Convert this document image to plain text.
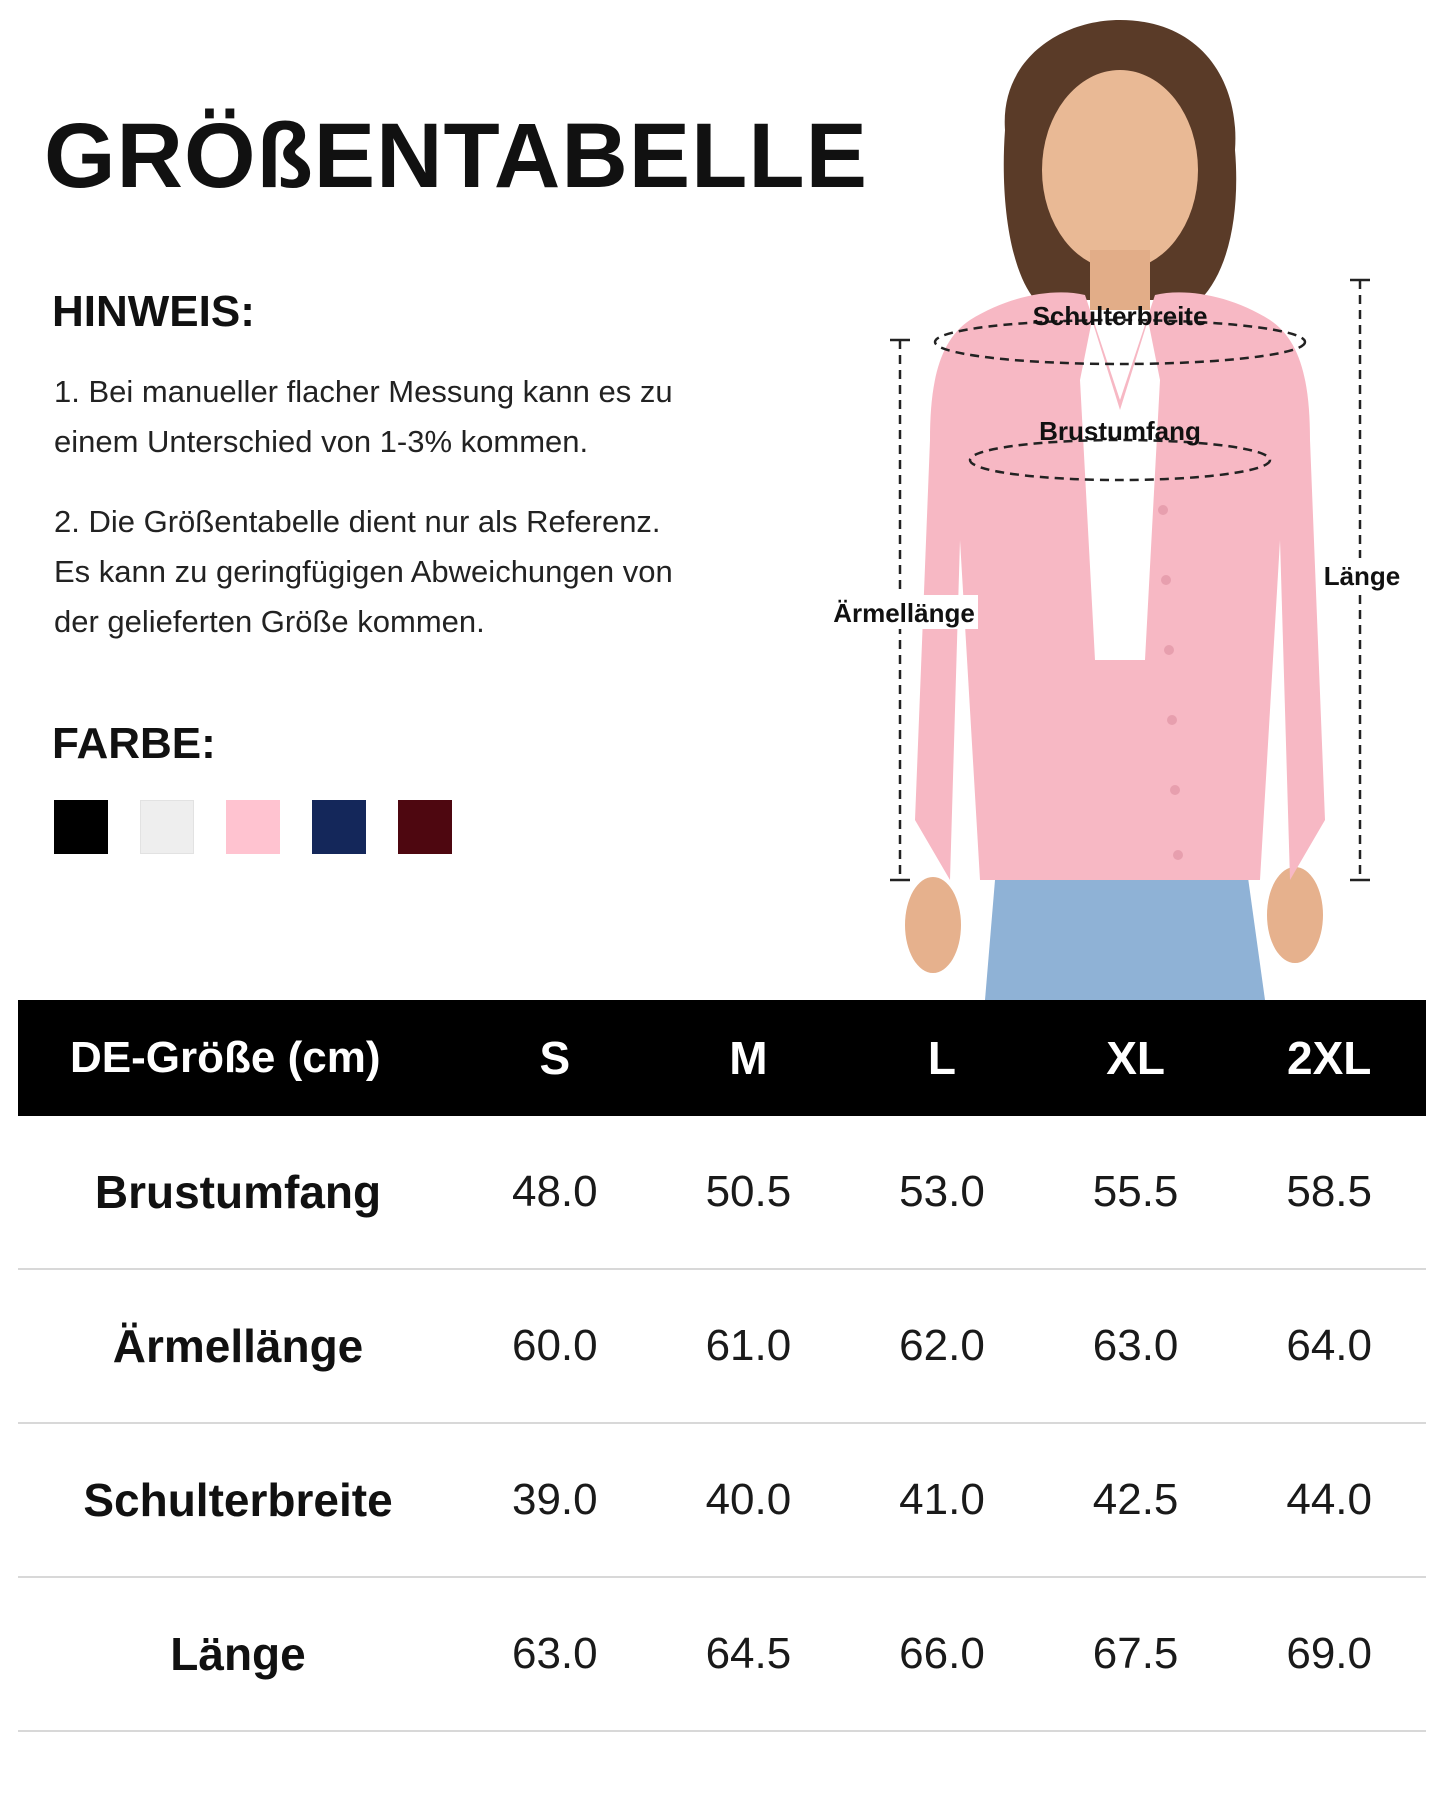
GRÖßENTABELLE
HINWEIS:

1. Bei manueller flacher Messung kann es zu
einem Unterschied von 1-3% kommen.

2. Die Größentabelle dient nur als Referenz.
Es kann zu geringfügigen Abweichungen von
der gelieferten Größe kommen.

FARBE:
Schulterbreite
Brustumfang
Ärmellänge
Länge
DE-Größe (cm)	S	M	L	XL	2XL
Brustumfang	48.0	50.5	53.0	55.5	58.5
Ärmellänge	60.0	61.0	62.0	63.0	64.0
Schulterbreite	39.0	40.0	41.0	42.5	44.0
Länge	63.0	64.5	66.0	67.5	69.0
